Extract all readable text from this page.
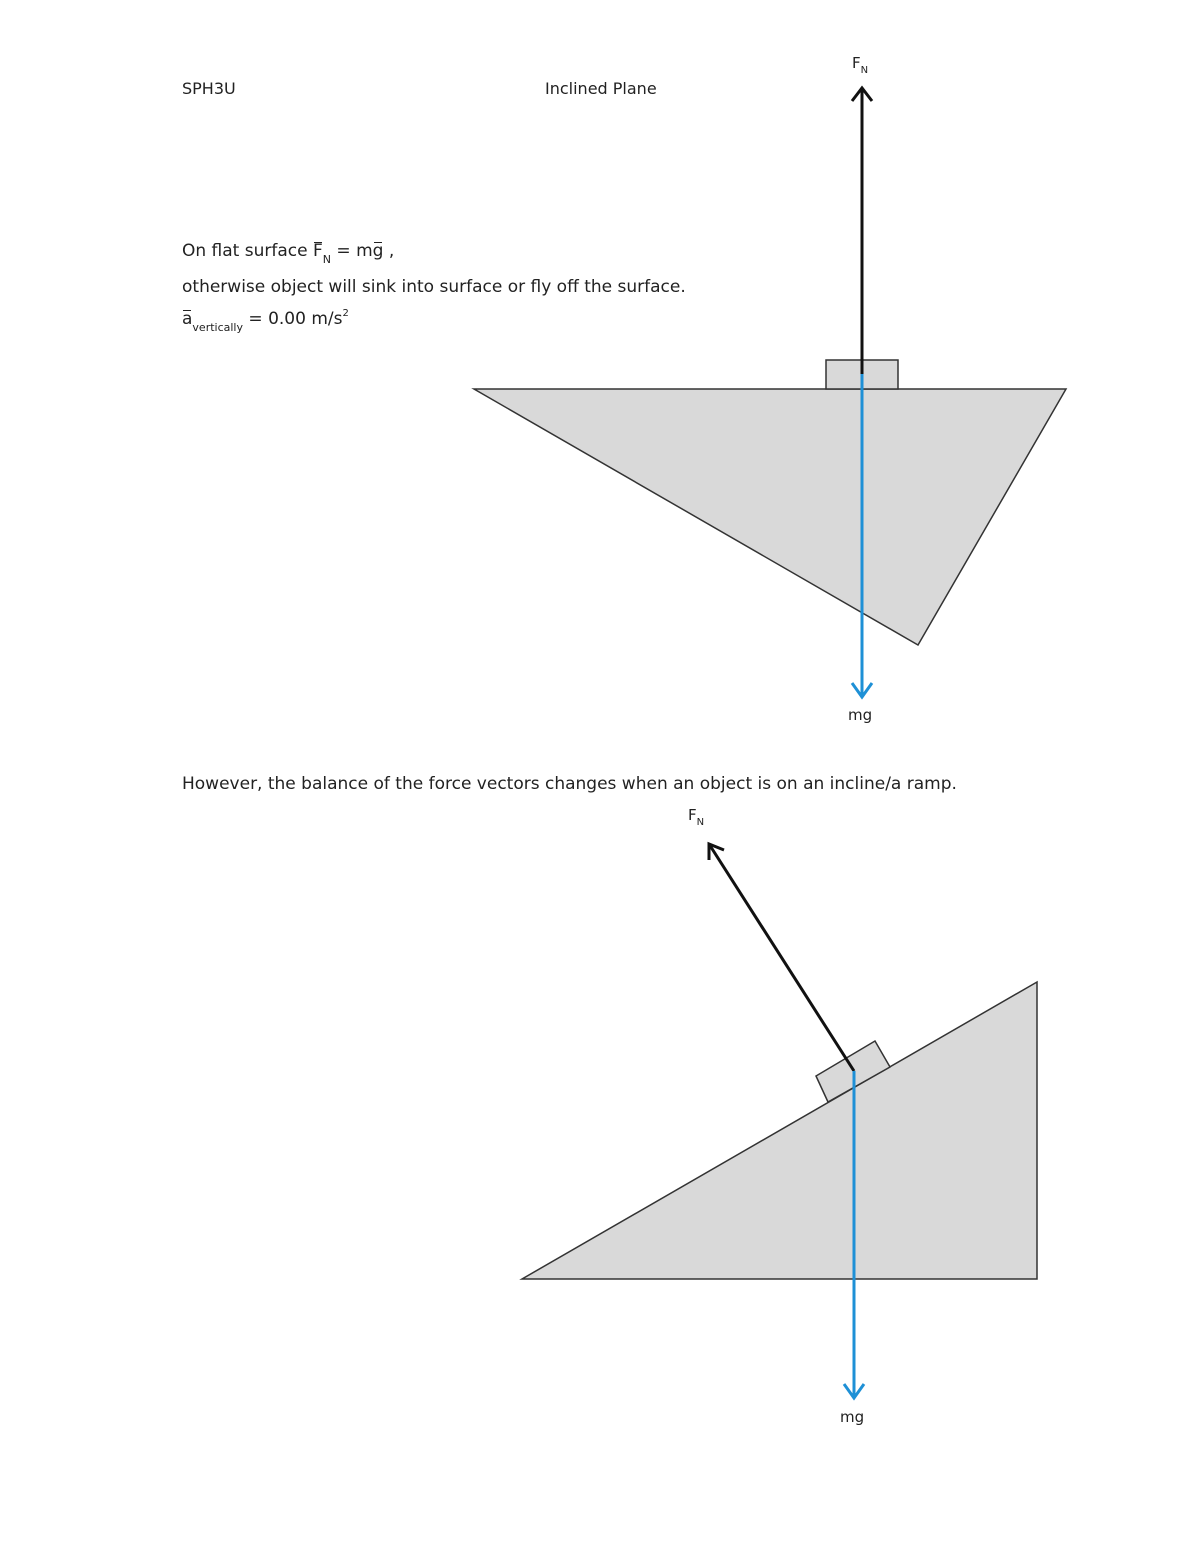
SPH3U	Inclined Plane
On flat surface $F_N$ = mg ,
otherwise object will sink into surface or fly off the surface.
$a_{vertically} = 0.00$ $m/s^2$
$F_N$
mg
However, the balance of the force vectors changes when an object is on an incline/a ramp.
$F_N$
mg
